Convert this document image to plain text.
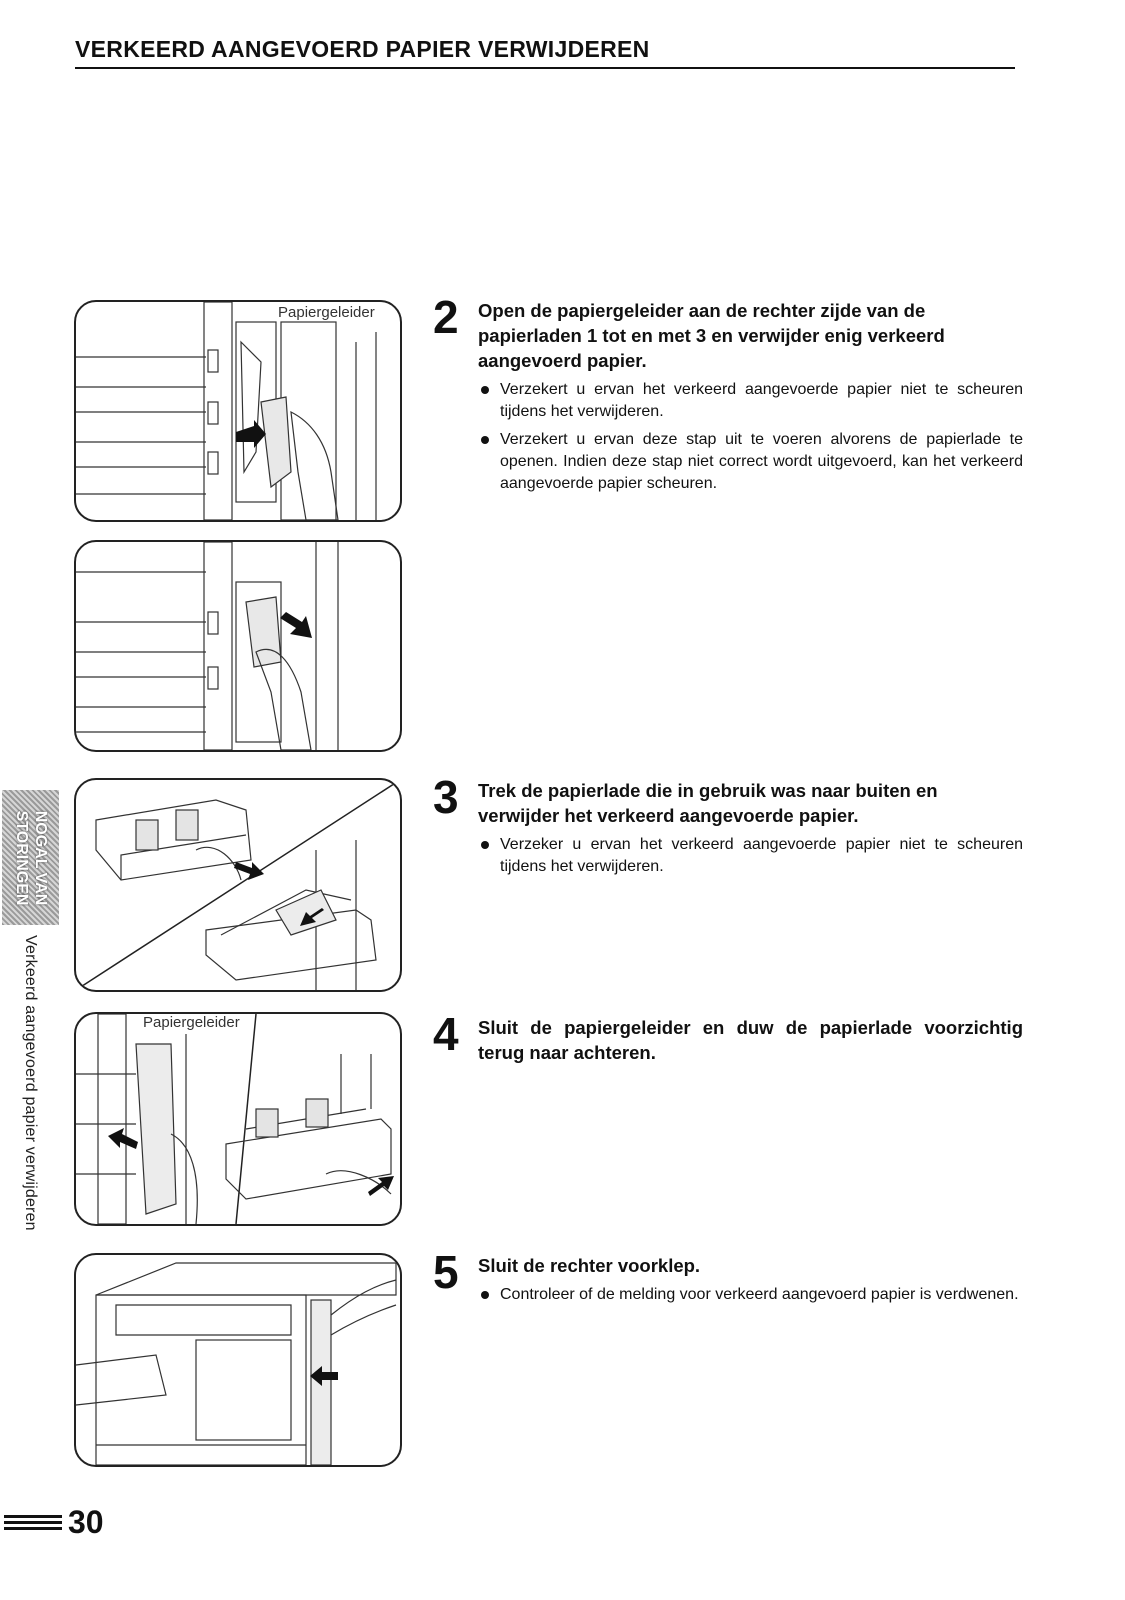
VERKEERD AANGEVOERD PAPIER VERWIJDEREN
Papiergeleider
Papiergeleider
2 Open de papiergeleider aan de rechter zijde van de papierladen 1 tot en met 3 en verwijder enig verkeerd aangevoerd papier.
Verzekert u ervan het verkeerd aangevoerde papier niet te scheuren tijdens het verwijderen.
Verzekert u ervan deze stap uit te voeren alvorens de papierlade te openen. Indien deze stap niet correct wordt uitgevoerd, kan het verkeerd aangevoerde papier scheuren.
3 Trek de papierlade die in gebruik was naar buiten en verwijder het verkeerd aangevoerde papier.
Verzeker u ervan het verkeerd aangevoerde papier niet te scheuren tijdens het verwijderen.
4 Sluit de papiergeleider en duw de papierlade voorzichtig terug naar achteren.
5 Sluit de rechter voorklep.
Controleer of de melding voor verkeerd aangevoerd papier is verdwenen.
NOGAL VAN
STORINGEN
Verkeerd aangevoerd papier verwijderen
30
